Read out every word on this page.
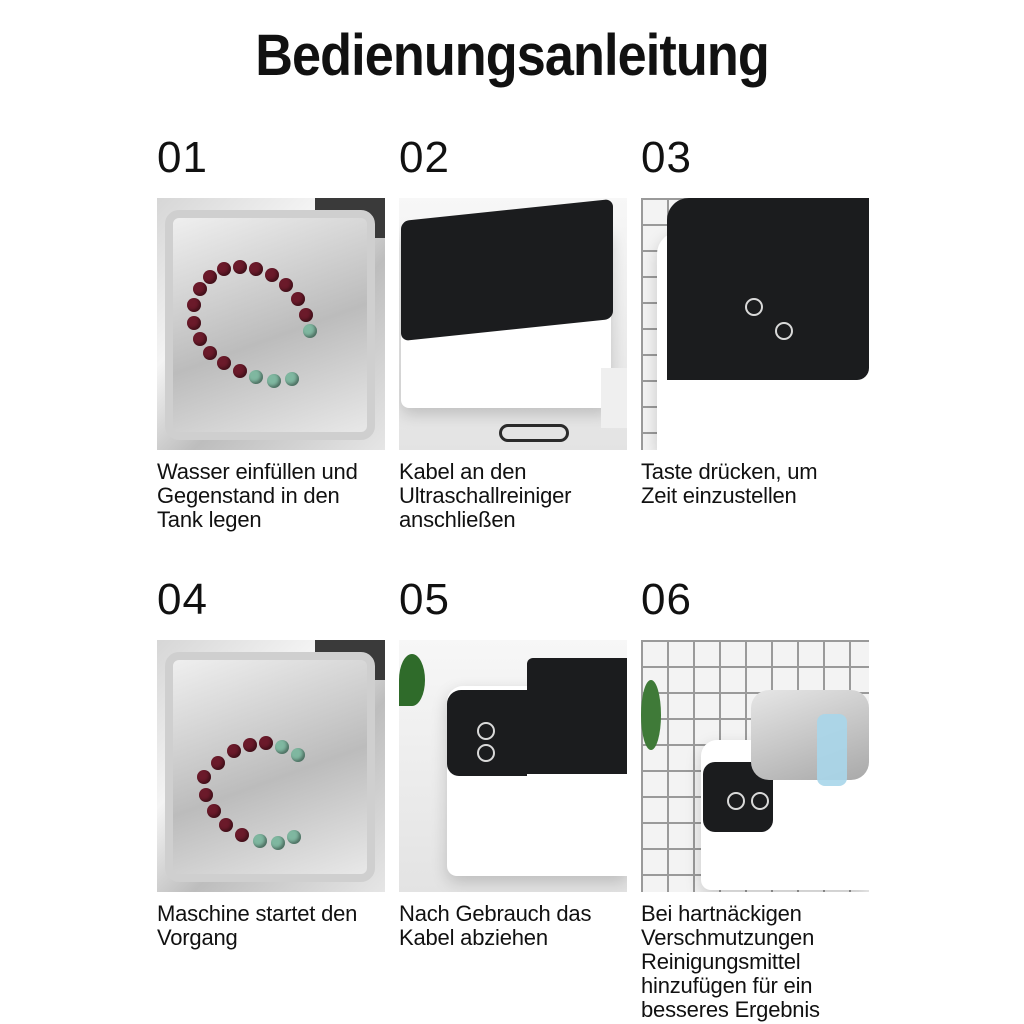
Bedienungsanleitung
01
Wasser einfüllen und
Gegenstand in den
Tank legen
02
Kabel an den
Ultraschallreiniger
anschließen
03
Taste drücken, um
Zeit einzustellen
04
Maschine startet den
Vorgang
05
Nach Gebrauch das
Kabel abziehen
06
Bei hartnäckigen
Verschmutzungen
Reinigungsmittel
hinzufügen für ein
besseres Ergebnis
